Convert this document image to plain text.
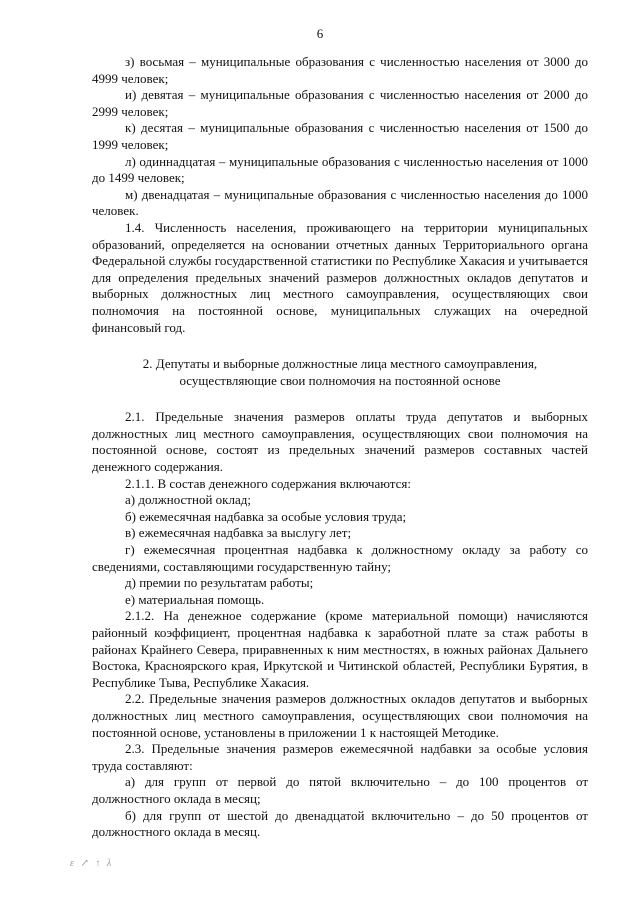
6

з) восьмая – муниципальные образования с численностью населения от 3000 до 4999 человек;

и) девятая – муниципальные образования с численностью населения от 2000 до 2999 человек;

к) десятая – муниципальные образования с численностью населения от 1500 до 1999 человек;

л) одиннадцатая – муниципальные образования с численностью населения от 1000 до 1499 человек;

м) двенадцатая – муниципальные образования с численностью населения до 1000 человек.

1.4. Численность населения, проживающего на территории муниципальных образований, определяется на основании отчетных данных Территориального органа Федеральной службы государственной статистики по Республике Хакасия и учитывается для определения предельных значений размеров должностных окладов депутатов и выборных должностных лиц местного самоуправления, осуществляющих свои полномочия на постоянной основе, муниципальных служащих на очередной финансовый год.

2. Депутаты и выборные должностные лица местного самоуправления,
осуществляющие свои полномочия на постоянной основе

2.1. Предельные значения размеров оплаты труда депутатов и выборных должностных лиц местного самоуправления, осуществляющих свои полномочия на постоянной основе, состоят из предельных значений размеров составных частей денежного содержания.

2.1.1. В состав денежного содержания включаются:

а) должностной оклад;

б) ежемесячная надбавка за особые условия труда;

в) ежемесячная надбавка за выслугу лет;

г) ежемесячная процентная надбавка к должностному окладу за работу со сведениями, составляющими государственную тайну;

д) премии по результатам работы;

е) материальная помощь.

2.1.2. На денежное содержание (кроме материальной помощи) начисляются районный коэффициент, процентная надбавка к заработной плате за стаж работы в районах Крайнего Севера, приравненных к ним местностях, в южных районах Дальнего Востока, Красноярского края, Иркутской и Читинской областей, Республики Бурятия, в Республике Тыва, Республике Хакасия.

2.2. Предельные значения размеров должностных окладов депутатов и выборных должностных лиц местного самоуправления, осуществляющих свои полномочия на постоянной основе, установлены в приложении 1 к настоящей Методике.

2.3. Предельные значения размеров ежемесячной надбавки за особые условия труда составляют:

а) для групп от первой до пятой включительно – до 100 процентов от должностного оклада в месяц;

б) для групп от шестой до двенадцатой включительно – до 50 процентов от должностного оклада в месяц.

ε ↗ ↑ λ
